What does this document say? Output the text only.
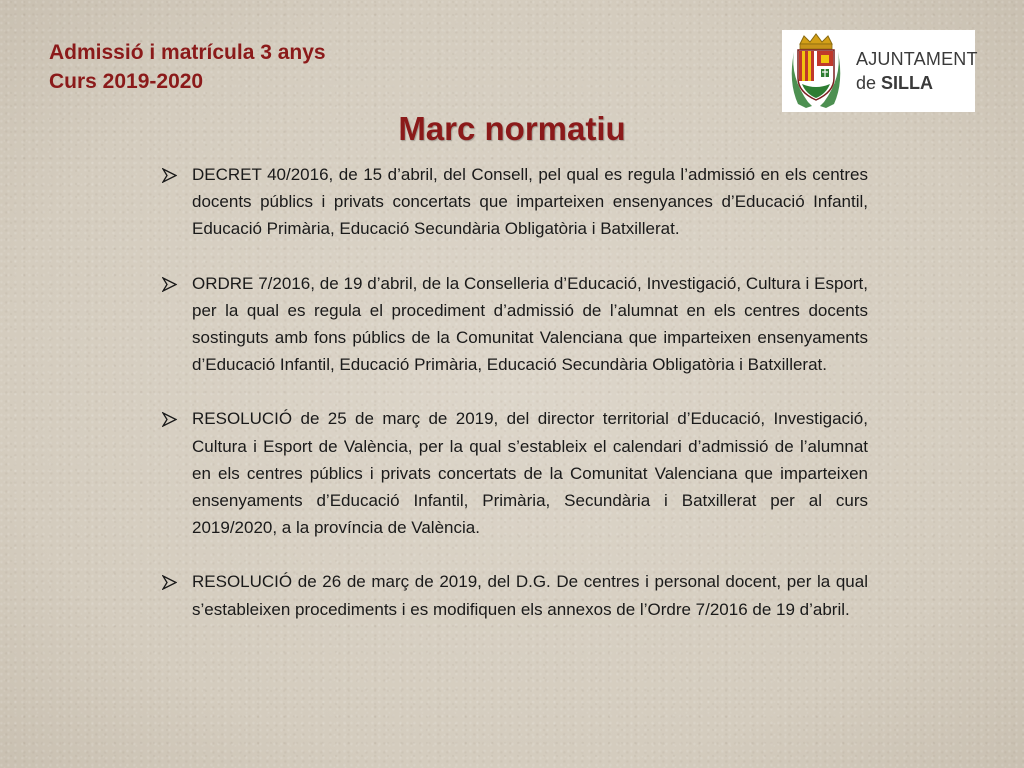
Admissió i matrícula 3 anys
Curs 2019-2020
AJUNTAMENT
de SILLA
Marc normatiu
DECRET 40/2016, de 15 d’abril, del Consell, pel qual es regula l’admissió en els centres docents públics i privats concertats que imparteixen ensenyances d’Educació Infantil, Educació Primària, Educació Secundària Obligatòria i Batxillerat.
ORDRE 7/2016, de 19 d’abril, de la Conselleria d’Educació, Investigació, Cultura i Esport, per la qual es regula el procediment d’admissió de l’alumnat en els centres docents sostinguts amb fons públics de la Comunitat Valenciana que imparteixen ensenyaments d’Educació Infantil, Educació Primària, Educació Secundària Obligatòria i Batxillerat.
RESOLUCIÓ de 25 de març de 2019, del director territorial d’Educació, Investigació, Cultura i Esport de València, per la qual s’estableix el calendari d’admissió de l’alumnat en els centres públics i privats concertats de la Comunitat Valenciana que imparteixen ensenyaments d’Educació Infantil, Primària, Secundària i Batxillerat per al curs 2019/2020, a la província de València.
RESOLUCIÓ de 26 de març de 2019, del D.G. De centres i personal docent, per la qual s’estableixen procediments i es modifiquen els annexos de l’Ordre 7/2016 de 19 d’abril.
